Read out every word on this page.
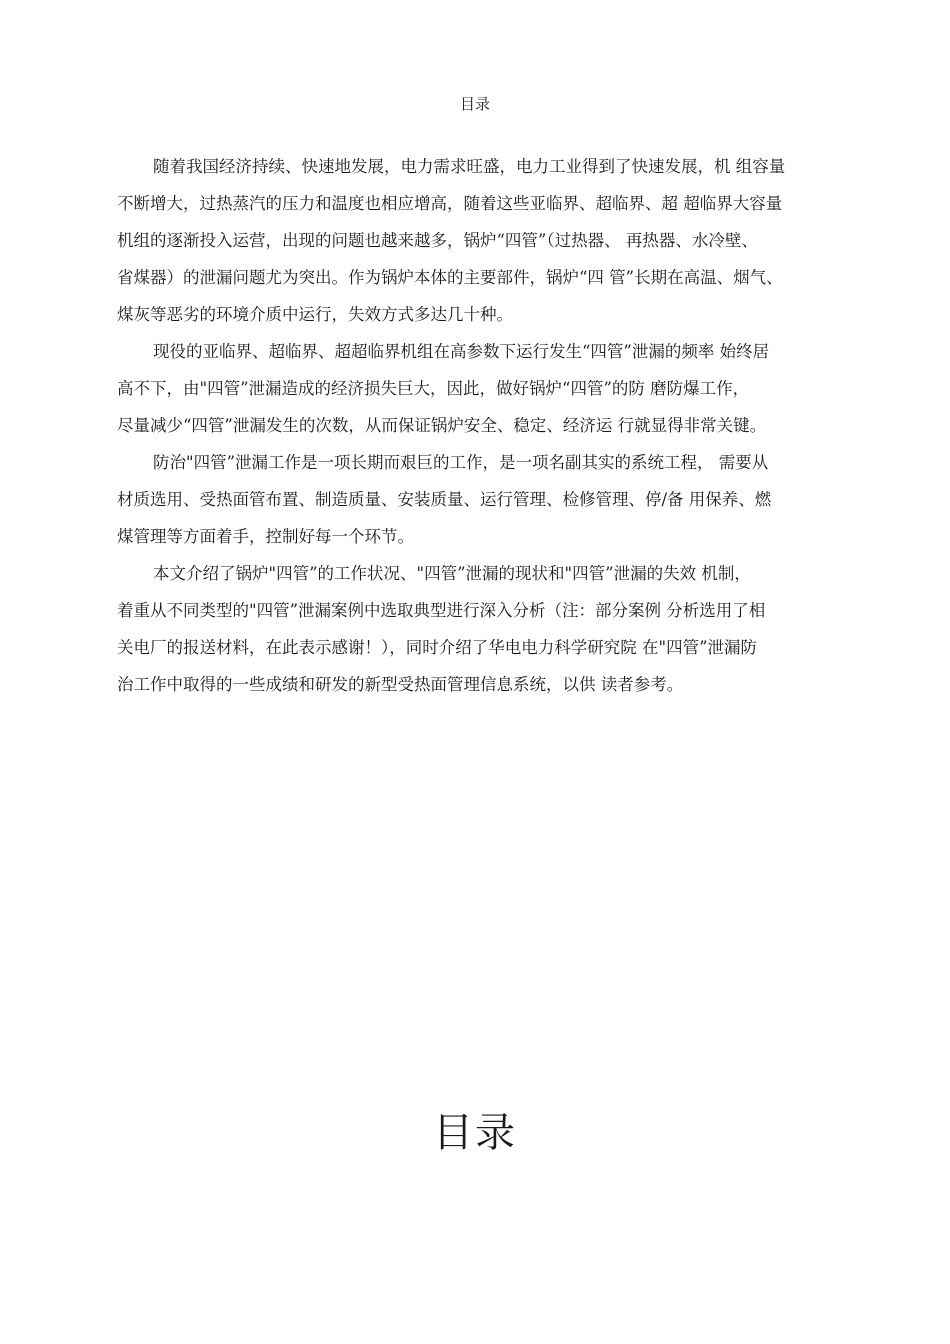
目录
随着我国经济持续、快速地发展，电力需求旺盛，电力工业得到了快速发展，机 组容量
不断增大，过热蒸汽的压力和温度也相应增高，随着这些亚临界、超临界、超 超临界大容量
机组的逐渐投入运营，出现的问题也越来越多，锅炉“四管”（过热器、 再热器、水冷壁、
省煤器）的泄漏问题尤为突出。作为锅炉本体的主要部件，锅炉“四 管”长期在高温、烟气、
煤灰等恶劣的环境介质中运行，失效方式多达几十种。
现役的亚临界、超临界、超超临界机组在高参数下运行发生“四管”泄漏的频率 始终居
高不下，由"四管”泄漏造成的经济损失巨大，因此，做好锅炉“四管”的防 磨防爆工作，
尽量减少“四管”泄漏发生的次数，从而保证锅炉安全、稳定、经济运 行就显得非常关键。
防治"四管”泄漏工作是一项长期而艰巨的工作，是一项名副其实的系统工程， 需要从
材质选用、受热面管布置、制造质量、安装质量、运行管理、检修管理、停/备 用保养、燃
煤管理等方面着手，控制好每一个环节。
本文介绍了锅炉"四管”的工作状况、"四管”泄漏的现状和"四管”泄漏的失效 机制，
着重从不同类型的"四管”泄漏案例中选取典型进行深入分析（注：部分案例 分析选用了相
关电厂的报送材料，在此表示感谢！），同时介绍了华电电力科学研究院 在"四管”泄漏防
治工作中取得的一些成绩和研发的新型受热面管理信息系统，以供 读者参考。
目录
